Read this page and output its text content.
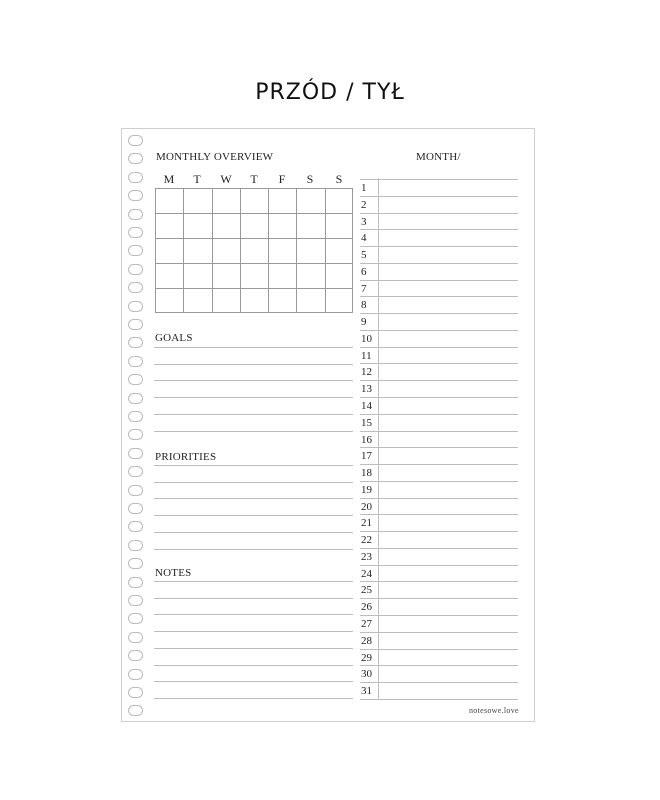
PRZÓD / TYŁ
MONTHLY OVERVIEW	MONTH/
M	T	W	T	F	S	S
GOALS
PRIORITIES
NOTES
1
2
3
4
5
6
7
8
9
10
11
12
13
14
15
16
17
18
19
20
21
22
23
24
25
26
27
28
29
30
31
notesowe.love
